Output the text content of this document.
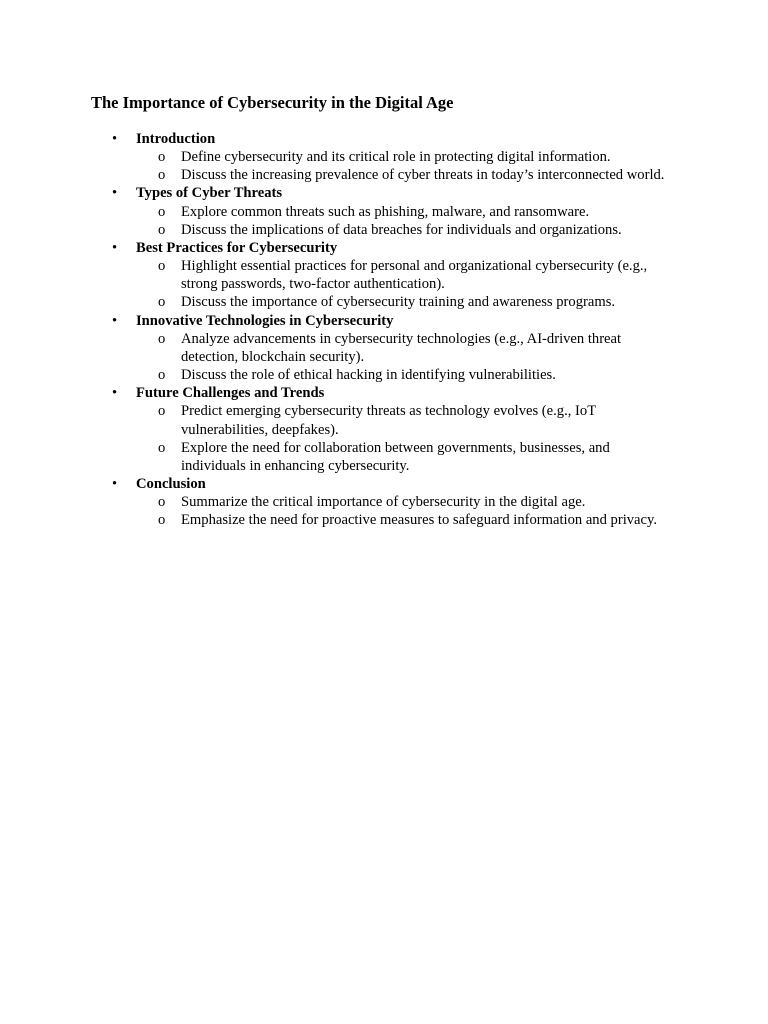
The Importance of Cybersecurity in the Digital Age
• Introduction
o Define cybersecurity and its critical role in protecting digital information.
o Discuss the increasing prevalence of cyber threats in today’s interconnected world.
• Types of Cyber Threats
o Explore common threats such as phishing, malware, and ransomware.
o Discuss the implications of data breaches for individuals and organizations.
• Best Practices for Cybersecurity
o Highlight essential practices for personal and organizational cybersecurity (e.g., strong passwords, two-factor authentication).
o Discuss the importance of cybersecurity training and awareness programs.
• Innovative Technologies in Cybersecurity
o Analyze advancements in cybersecurity technologies (e.g., AI-driven threat detection, blockchain security).
o Discuss the role of ethical hacking in identifying vulnerabilities.
• Future Challenges and Trends
o Predict emerging cybersecurity threats as technology evolves (e.g., IoT vulnerabilities, deepfakes).
o Explore the need for collaboration between governments, businesses, and individuals in enhancing cybersecurity.
• Conclusion
o Summarize the critical importance of cybersecurity in the digital age.
o Emphasize the need for proactive measures to safeguard information and privacy.
